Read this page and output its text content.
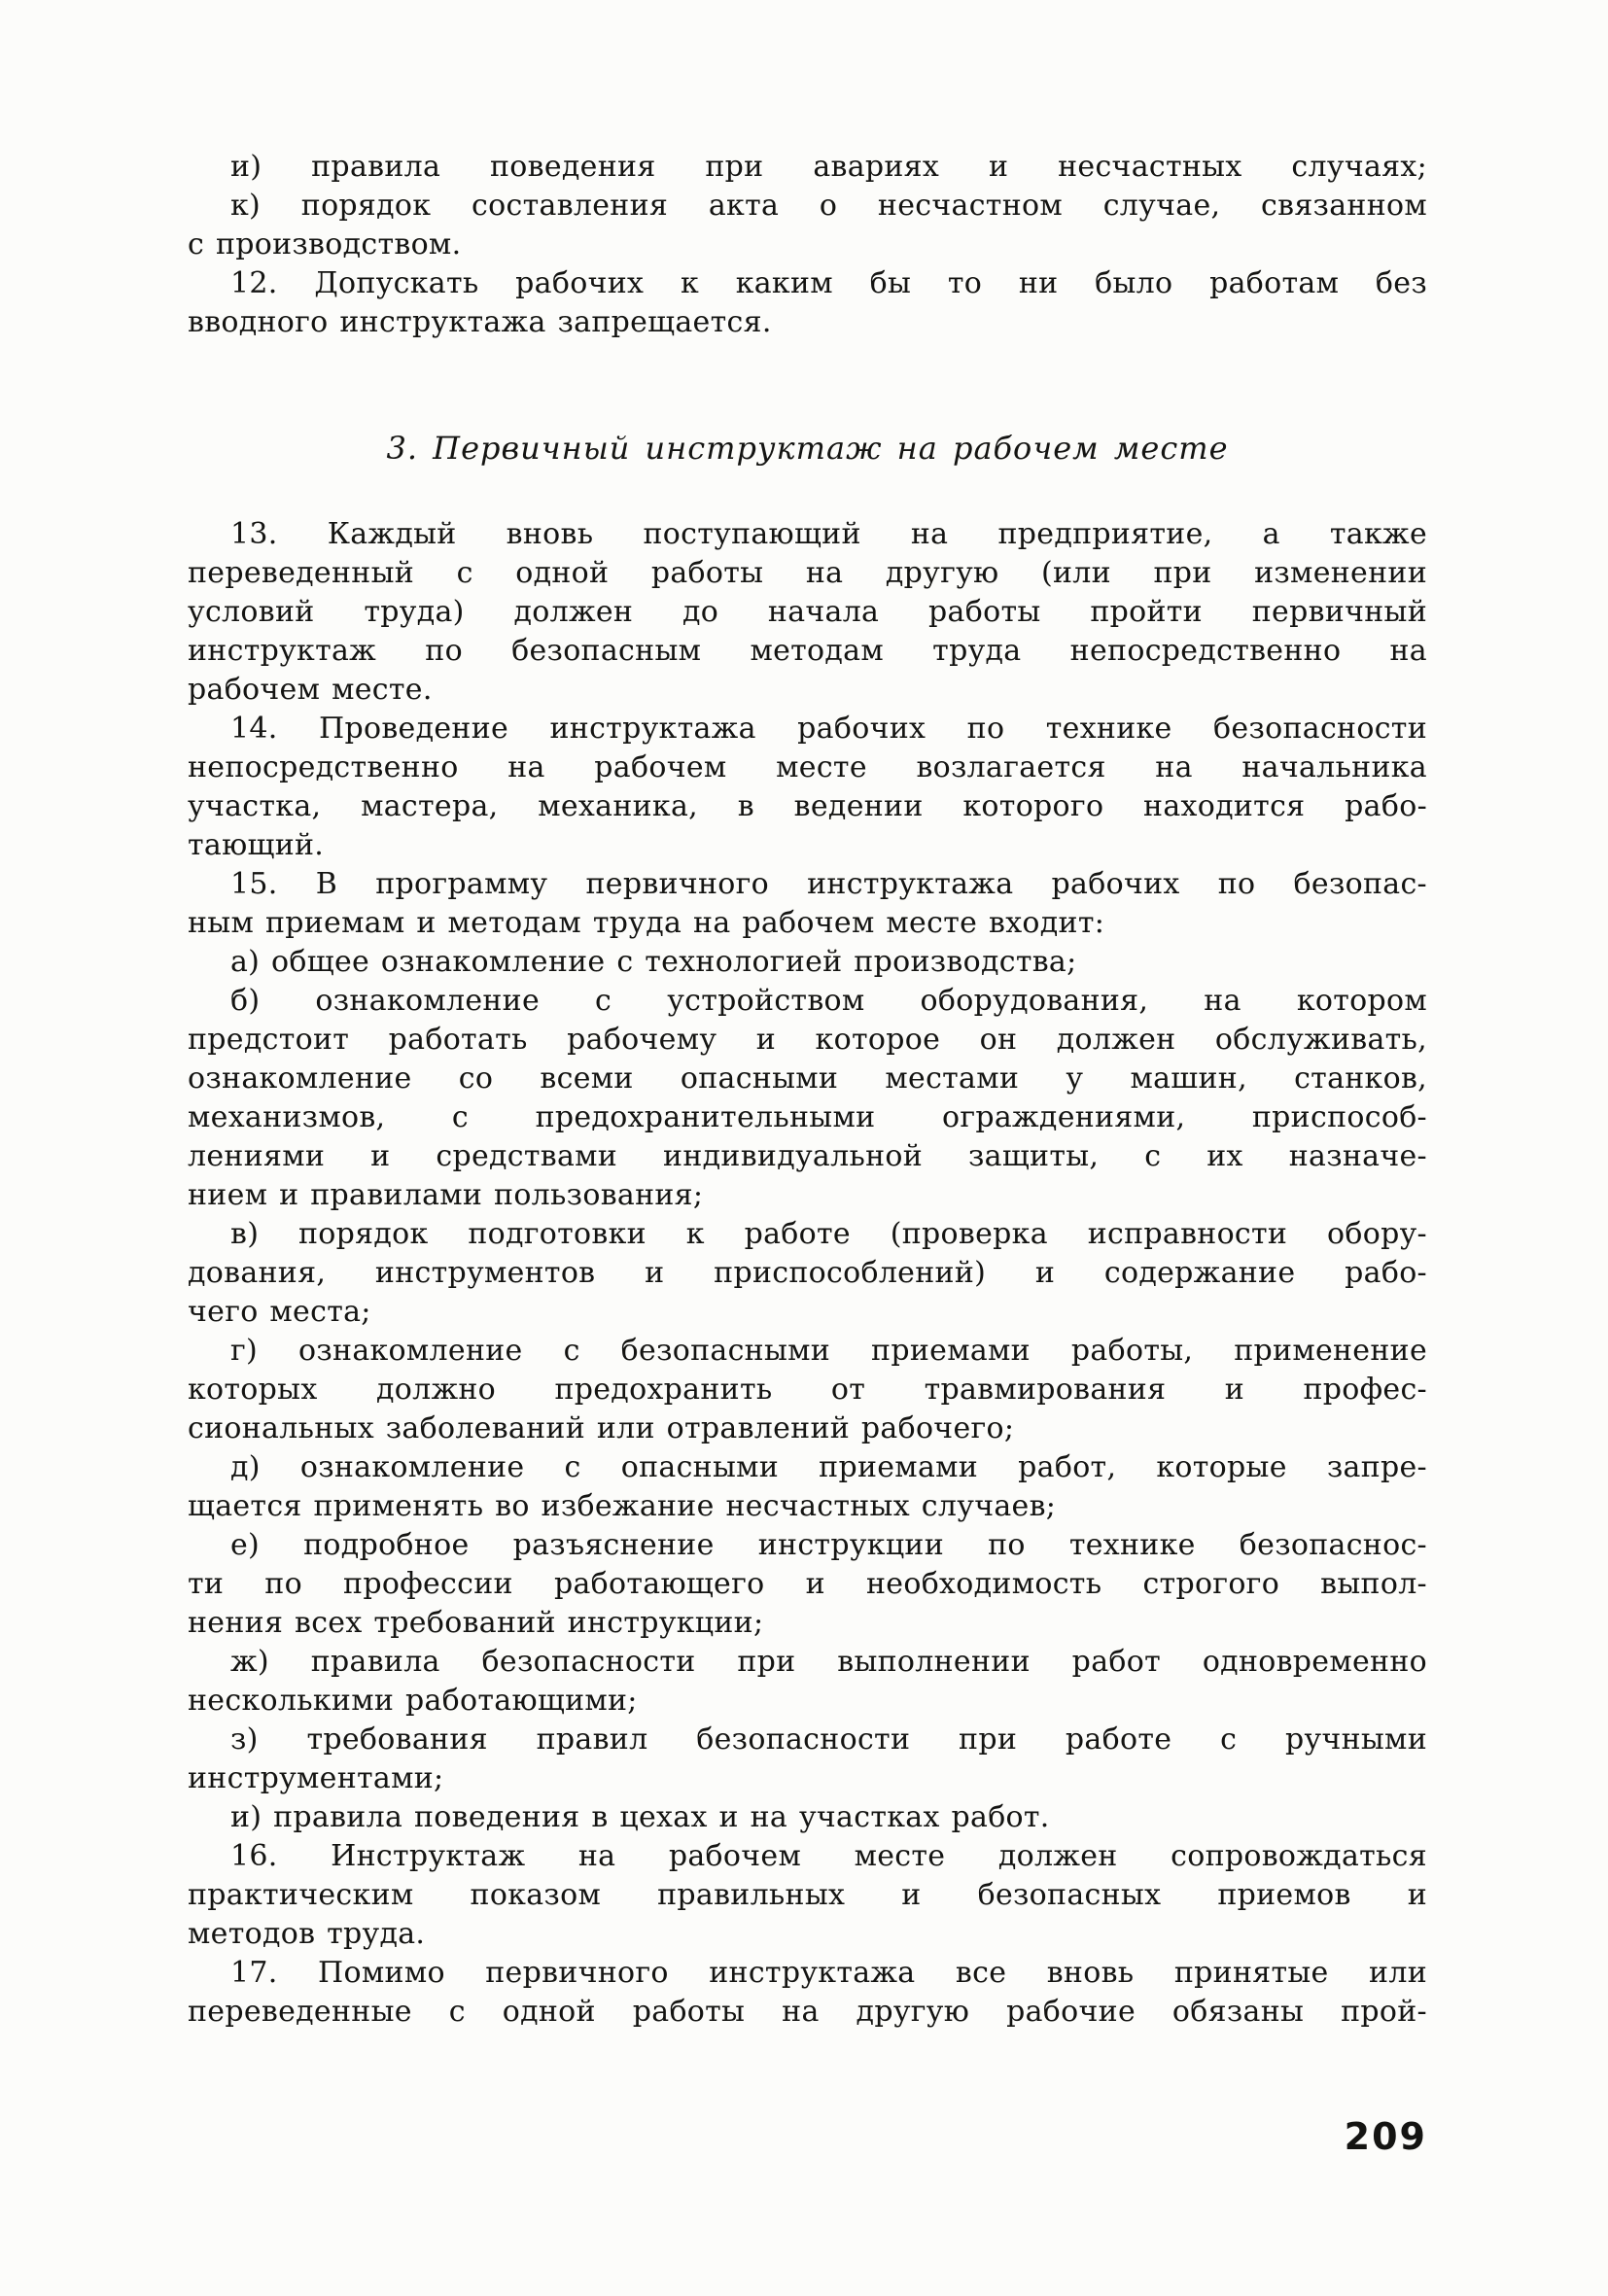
и) правила поведения при авариях и несчастных случаях;
к) порядок составления акта о несчастном случае, связанном
с производством.
12. Допускать рабочих к каким бы то ни было работам без
вводного инструктажа запрещается.
3. Первичный инструктаж на рабочем месте
13. Каждый вновь поступающий на предприятие, а также
переведенный с одной работы на другую (или при изменении
условий труда) должен до начала работы пройти первичный
инструктаж по безопасным методам труда непосредственно на
рабочем месте.
14. Проведение инструктажа рабочих по технике безопасности
непосредственно на рабочем месте возлагается на начальника
участка, мастера, механика, в ведении которого находится рабо-
тающий.
15. В программу первичного инструктажа рабочих по безопас-
ным приемам и методам труда на рабочем месте входит:
а) общее ознакомление с технологией производства;
б) ознакомление с устройством оборудования, на котором
предстоит работать рабочему и которое он должен обслуживать,
ознакомление со всеми опасными местами у машин, станков,
механизмов, с предохранительными ограждениями, приспособ-
лениями и средствами индивидуальной защиты, с их назначе-
нием и правилами пользования;
в) порядок подготовки к работе (проверка исправности обору-
дования, инструментов и приспособлений) и содержание рабо-
чего места;
г) ознакомление с безопасными приемами работы, применение
которых должно предохранить от травмирования и профес-
сиональных заболеваний или отравлений рабочего;
д) ознакомление с опасными приемами работ, которые запре-
щается применять во избежание несчастных случаев;
е) подробное разъяснение инструкции по технике безопаснос-
ти по профессии работающего и необходимость строгого выпол-
нения всех требований инструкции;
ж) правила безопасности при выполнении работ одновременно
несколькими работающими;
з) требования правил безопасности при работе с ручными
инструментами;
и) правила поведения в цехах и на участках работ.
16. Инструктаж на рабочем месте должен сопровождаться
практическим показом правильных и безопасных приемов и
методов труда.
17. Помимо первичного инструктажа все вновь принятые или
переведенные с одной работы на другую рабочие обязаны прой-
209
